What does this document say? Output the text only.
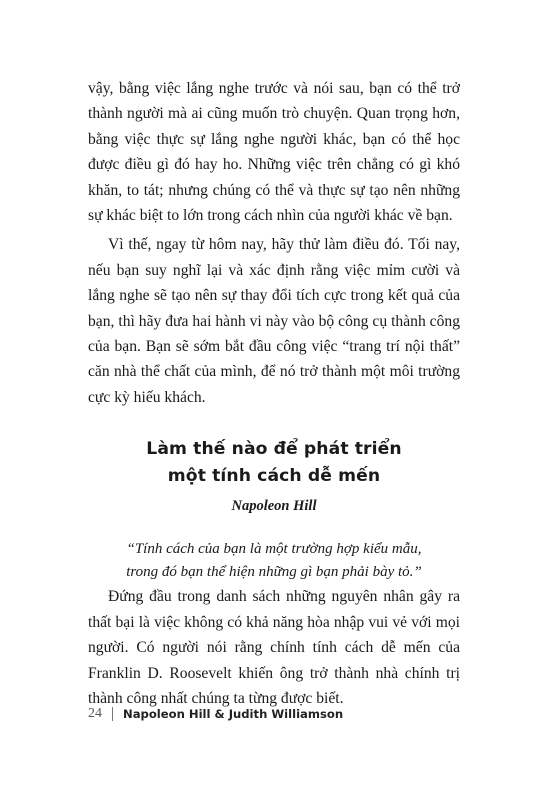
vậy, bằng việc lắng nghe trước và nói sau, bạn có thể trở thành người mà ai cũng muốn trò chuyện. Quan trọng hơn, bằng việc thực sự lắng nghe người khác, bạn có thể học được điều gì đó hay ho. Những việc trên chẳng có gì khó khăn, to tát; nhưng chúng có thể và thực sự tạo nên những sự khác biệt to lớn trong cách nhìn của người khác về bạn.

Vì thế, ngay từ hôm nay, hãy thử làm điều đó. Tối nay, nếu bạn suy nghĩ lại và xác định rằng việc mỉm cười và lắng nghe sẽ tạo nên sự thay đổi tích cực trong kết quả của bạn, thì hãy đưa hai hành vi này vào bộ công cụ thành công của bạn. Bạn sẽ sớm bắt đầu công việc “trang trí nội thất” căn nhà thể chất của mình, để nó trở thành một môi trường cực kỳ hiếu khách.

Làm thế nào để phát triển
một tính cách dễ mến
Napoleon Hill
“Tính cách của bạn là một trường hợp kiểu mẫu,
trong đó bạn thể hiện những gì bạn phải bày tỏ.”

Đứng đầu trong danh sách những nguyên nhân gây ra thất bại là việc không có khả năng hòa nhập vui vẻ với mọi người. Có người nói rằng chính tính cách dễ mến của Franklin D. Roosevelt khiến ông trở thành nhà chính trị thành công nhất chúng ta từng được biết.

24 Napoleon Hill & Judith Williamson
